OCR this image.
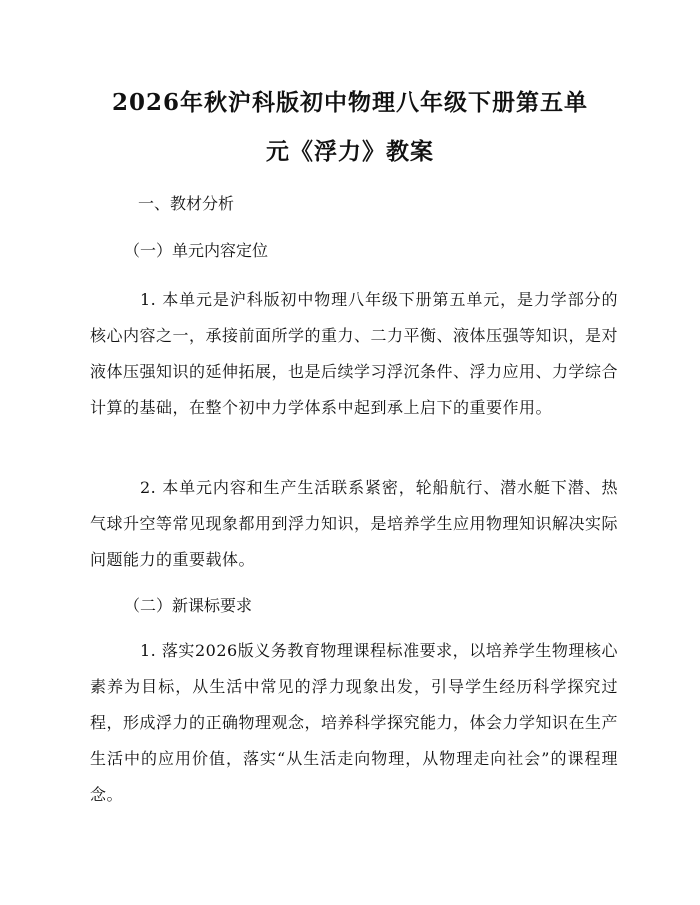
2026年秋沪科版初中物理八年级下册第五单
元《浮力》教案

一、教材分析

（一）单元内容定位

1. 本单元是沪科版初中物理八年级下册第五单元，是力学部分的核心内容之一，承接前面所学的重力、二力平衡、液体压强等知识，是对液体压强知识的延伸拓展，也是后续学习浮沉条件、浮力应用、力学综合计算的基础，在整个初中力学体系中起到承上启下的重要作用。

2. 本单元内容和生产生活联系紧密，轮船航行、潜水艇下潜、热气球升空等常见现象都用到浮力知识，是培养学生应用物理知识解决实际问题能力的重要载体。

（二）新课标要求

1. 落实2026版义务教育物理课程标准要求，以培养学生物理核心素养为目标，从生活中常见的浮力现象出发，引导学生经历科学探究过程，形成浮力的正确物理观念，培养科学探究能力，体会力学知识在生产生活中的应用价值，落实“从生活走向物理，从物理走向社会”的课程理念。
